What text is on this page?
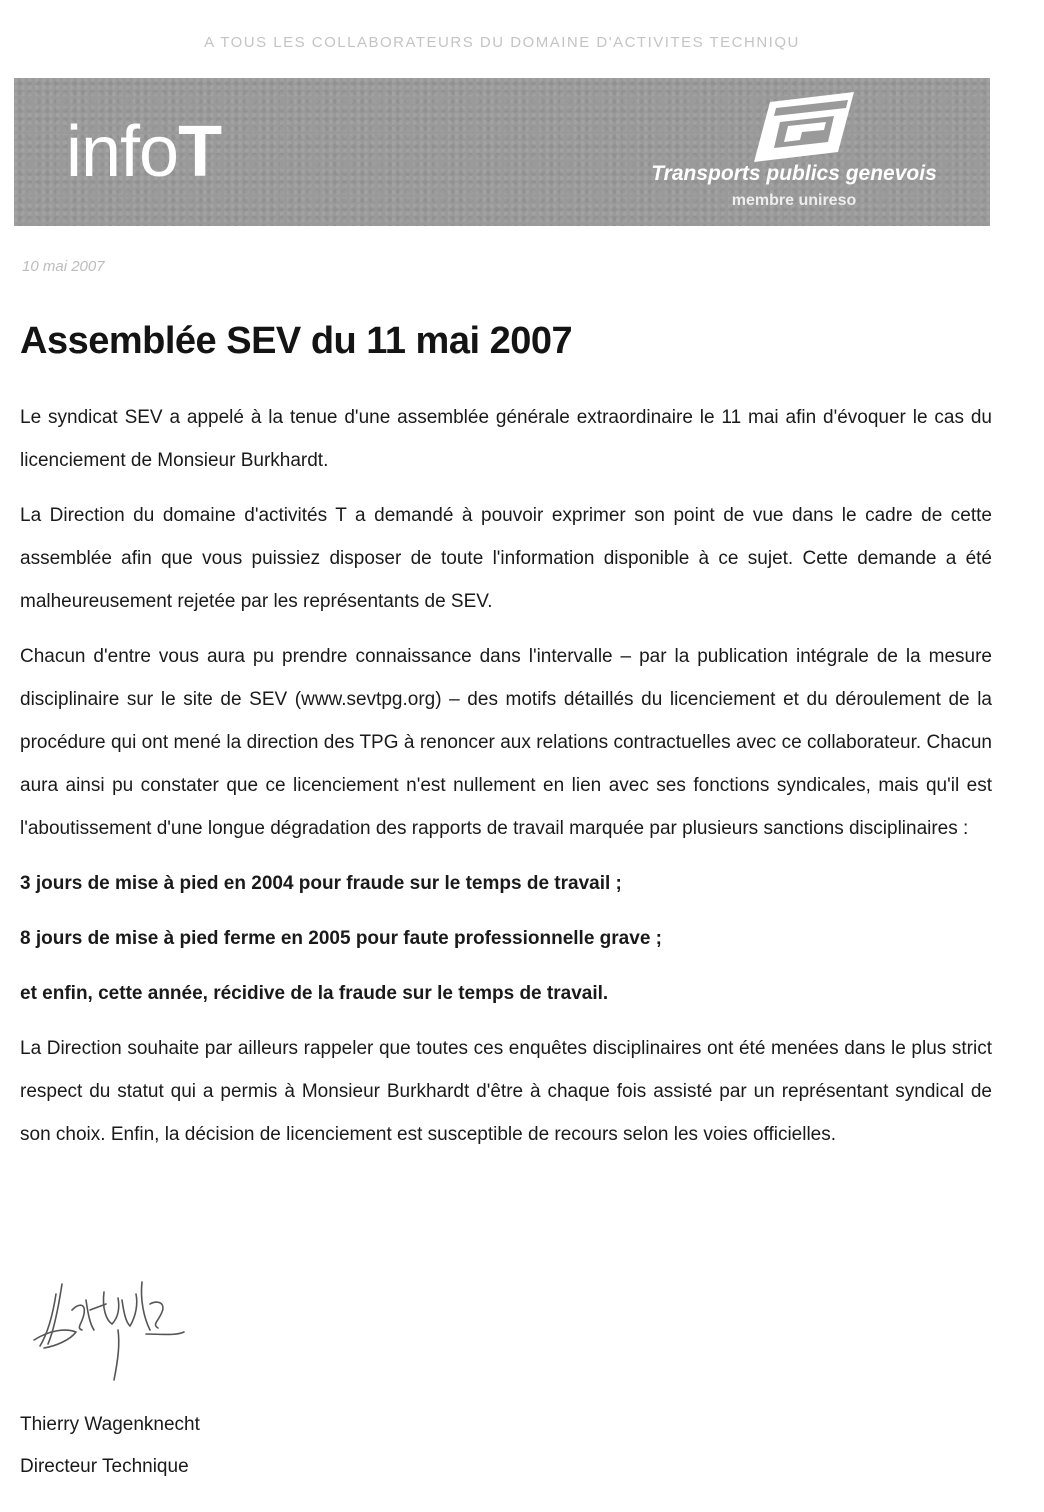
A TOUS LES COLLABORATEURS DU DOMAINE D'ACTIVITES TECHNIQU
infoT	Transports publics genevois
membre unireso
10 mai 2007
Assemblée SEV du 11 mai 2007

Le syndicat SEV a appelé à la tenue d'une assemblée générale extraordinaire le 11 mai afin d'évoquer le cas du licenciement de Monsieur Burkhardt.

La Direction du domaine d'activités T a demandé à pouvoir exprimer son point de vue dans le cadre de cette assemblée afin que vous puissiez disposer de toute l'information disponible à ce sujet. Cette demande a été malheureusement rejetée par les représentants de SEV.

Chacun d'entre vous aura pu prendre connaissance dans l'intervalle – par la publication intégrale de la mesure disciplinaire sur le site de SEV (www.sevtpg.org) – des motifs détaillés du licenciement et du déroulement de la procédure qui ont mené la direction des TPG à renoncer aux relations contractuelles avec ce collaborateur. Chacun aura ainsi pu constater que ce licenciement n'est nullement en lien avec ses fonctions syndicales, mais qu'il est l'aboutissement d'une longue dégradation des rapports de travail marquée par plusieurs sanctions disciplinaires :

3 jours de mise à pied en 2004 pour fraude sur le temps de travail ;

8 jours de mise à pied ferme en 2005 pour faute professionnelle grave ;

et enfin, cette année, récidive de la fraude sur le temps de travail.

La Direction souhaite par ailleurs rappeler que toutes ces enquêtes disciplinaires ont été menées dans le plus strict respect du statut qui a permis à Monsieur Burkhardt d'être à chaque fois assisté par un représentant syndical de son choix. Enfin, la décision de licenciement est susceptible de recours selon les voies officielles.

Thierry Wagenknecht
Directeur Technique
